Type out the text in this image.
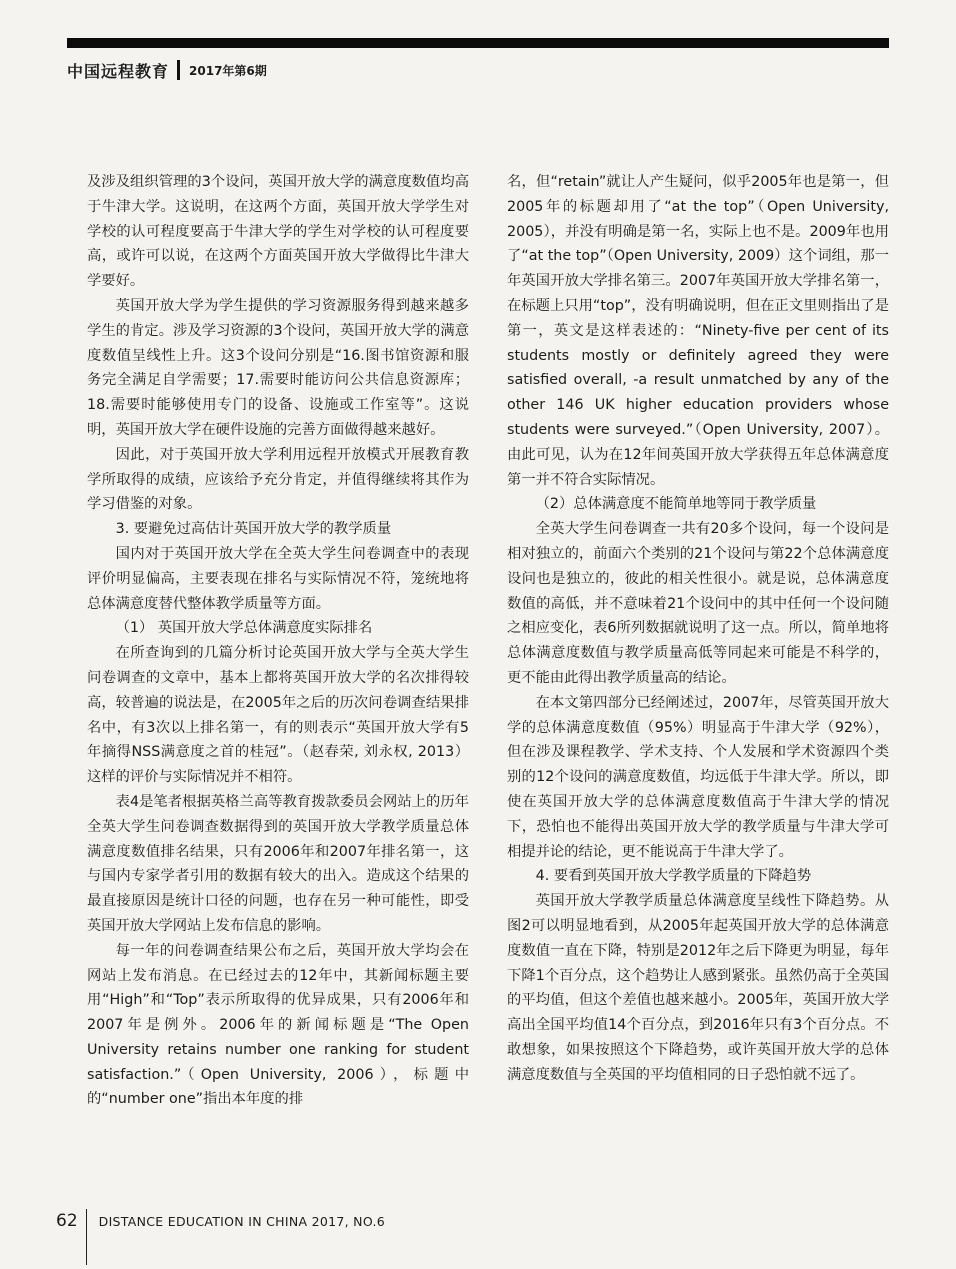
中国远程教育 2017年第6期

及涉及组织管理的3个设问，英国开放大学的满意度数值均高于牛津大学。这说明，在这两个方面，英国开放大学学生对学校的认可程度要高于牛津大学的学生对学校的认可程度要高，或许可以说，在这两个方面英国开放大学做得比牛津大学要好。

英国开放大学为学生提供的学习资源服务得到越来越多学生的肯定。涉及学习资源的3个设问，英国开放大学的满意度数值呈线性上升。这3个设问分别是“16.图书馆资源和服务完全满足自学需要；17.需要时能访问公共信息资源库；18.需要时能够使用专门的设备、设施或工作室等”。这说明，英国开放大学在硬件设施的完善方面做得越来越好。

因此，对于英国开放大学利用远程开放模式开展教育教学所取得的成绩，应该给予充分肯定，并值得继续将其作为学习借鉴的对象。

3. 要避免过高估计英国开放大学的教学质量

国内对于英国开放大学在全英大学生问卷调查中的表现评价明显偏高，主要表现在排名与实际情况不符，笼统地将总体满意度替代整体教学质量等方面。

（1） 英国开放大学总体满意度实际排名

在所查询到的几篇分析讨论英国开放大学与全英大学生问卷调查的文章中，基本上都将英国开放大学的名次排得较高，较普遍的说法是，在2005年之后的历次问卷调查结果排名中，有3次以上排名第一，有的则表示“英国开放大学有5年摘得NSS满意度之首的桂冠”。（赵春荣, 刘永权, 2013）这样的评价与实际情况并不相符。

表4是笔者根据英格兰高等教育拨款委员会网站上的历年全英大学生问卷调查数据得到的英国开放大学教学质量总体满意度数值排名结果，只有2006年和2007年排名第一，这与国内专家学者引用的数据有较大的出入。造成这个结果的最直接原因是统计口径的问题，也存在另一种可能性，即受英国开放大学网站上发布信息的影响。

每一年的问卷调查结果公布之后，英国开放大学均会在网站上发布消息。在已经过去的12年中，其新闻标题主要用“High”和“Top”表示所取得的优异成果，只有2006年和2007年是例外。2006年的新闻标题是“The Open University retains number one ranking for student satisfaction.”（Open University, 2006），标题中的“number one”指出本年度的排

名，但“retain”就让人产生疑问，似乎2005年也是第一，但2005年的标题却用了“at the top”（Open University, 2005），并没有明确是第一名，实际上也不是。2009年也用了“at the top”（Open University, 2009）这个词组，那一年英国开放大学排名第三。2007年英国开放大学排名第一，在标题上只用“top”，没有明确说明，但在正文里则指出了是第一，英文是这样表述的：“Ninety-five per cent of its students mostly or definitely agreed they were satisfied overall, -a result unmatched by any of the other 146 UK higher education providers whose students were surveyed.”（Open University, 2007）。由此可见，认为在12年间英国开放大学获得五年总体满意度第一并不符合实际情况。

（2）总体满意度不能简单地等同于教学质量

全英大学生问卷调查一共有20多个设问，每一个设问是相对独立的，前面六个类别的21个设问与第22个总体满意度设问也是独立的，彼此的相关性很小。就是说，总体满意度数值的高低，并不意味着21个设问中的其中任何一个设问随之相应变化，表6所列数据就说明了这一点。所以，简单地将总体满意度数值与教学质量高低等同起来可能是不科学的，更不能由此得出教学质量高的结论。

在本文第四部分已经阐述过，2007年，尽管英国开放大学的总体满意度数值（95%）明显高于牛津大学（92%），但在涉及课程教学、学术支持、个人发展和学术资源四个类别的12个设问的满意度数值，均远低于牛津大学。所以，即使在英国开放大学的总体满意度数值高于牛津大学的情况下，恐怕也不能得出英国开放大学的教学质量与牛津大学可相提并论的结论，更不能说高于牛津大学了。

4. 要看到英国开放大学教学质量的下降趋势

英国开放大学教学质量总体满意度呈线性下降趋势。从图2可以明显地看到，从2005年起英国开放大学的总体满意度数值一直在下降，特别是2012年之后下降更为明显，每年下降1个百分点，这个趋势让人感到紧张。虽然仍高于全英国的平均值，但这个差值也越来越小。2005年，英国开放大学高出全国平均值14个百分点，到2016年只有3个百分点。不敢想象，如果按照这个下降趋势，或许英国开放大学的总体满意度数值与全英国的平均值相同的日子恐怕就不远了。

62 DISTANCE EDUCATION IN CHINA 2017, NO.6
